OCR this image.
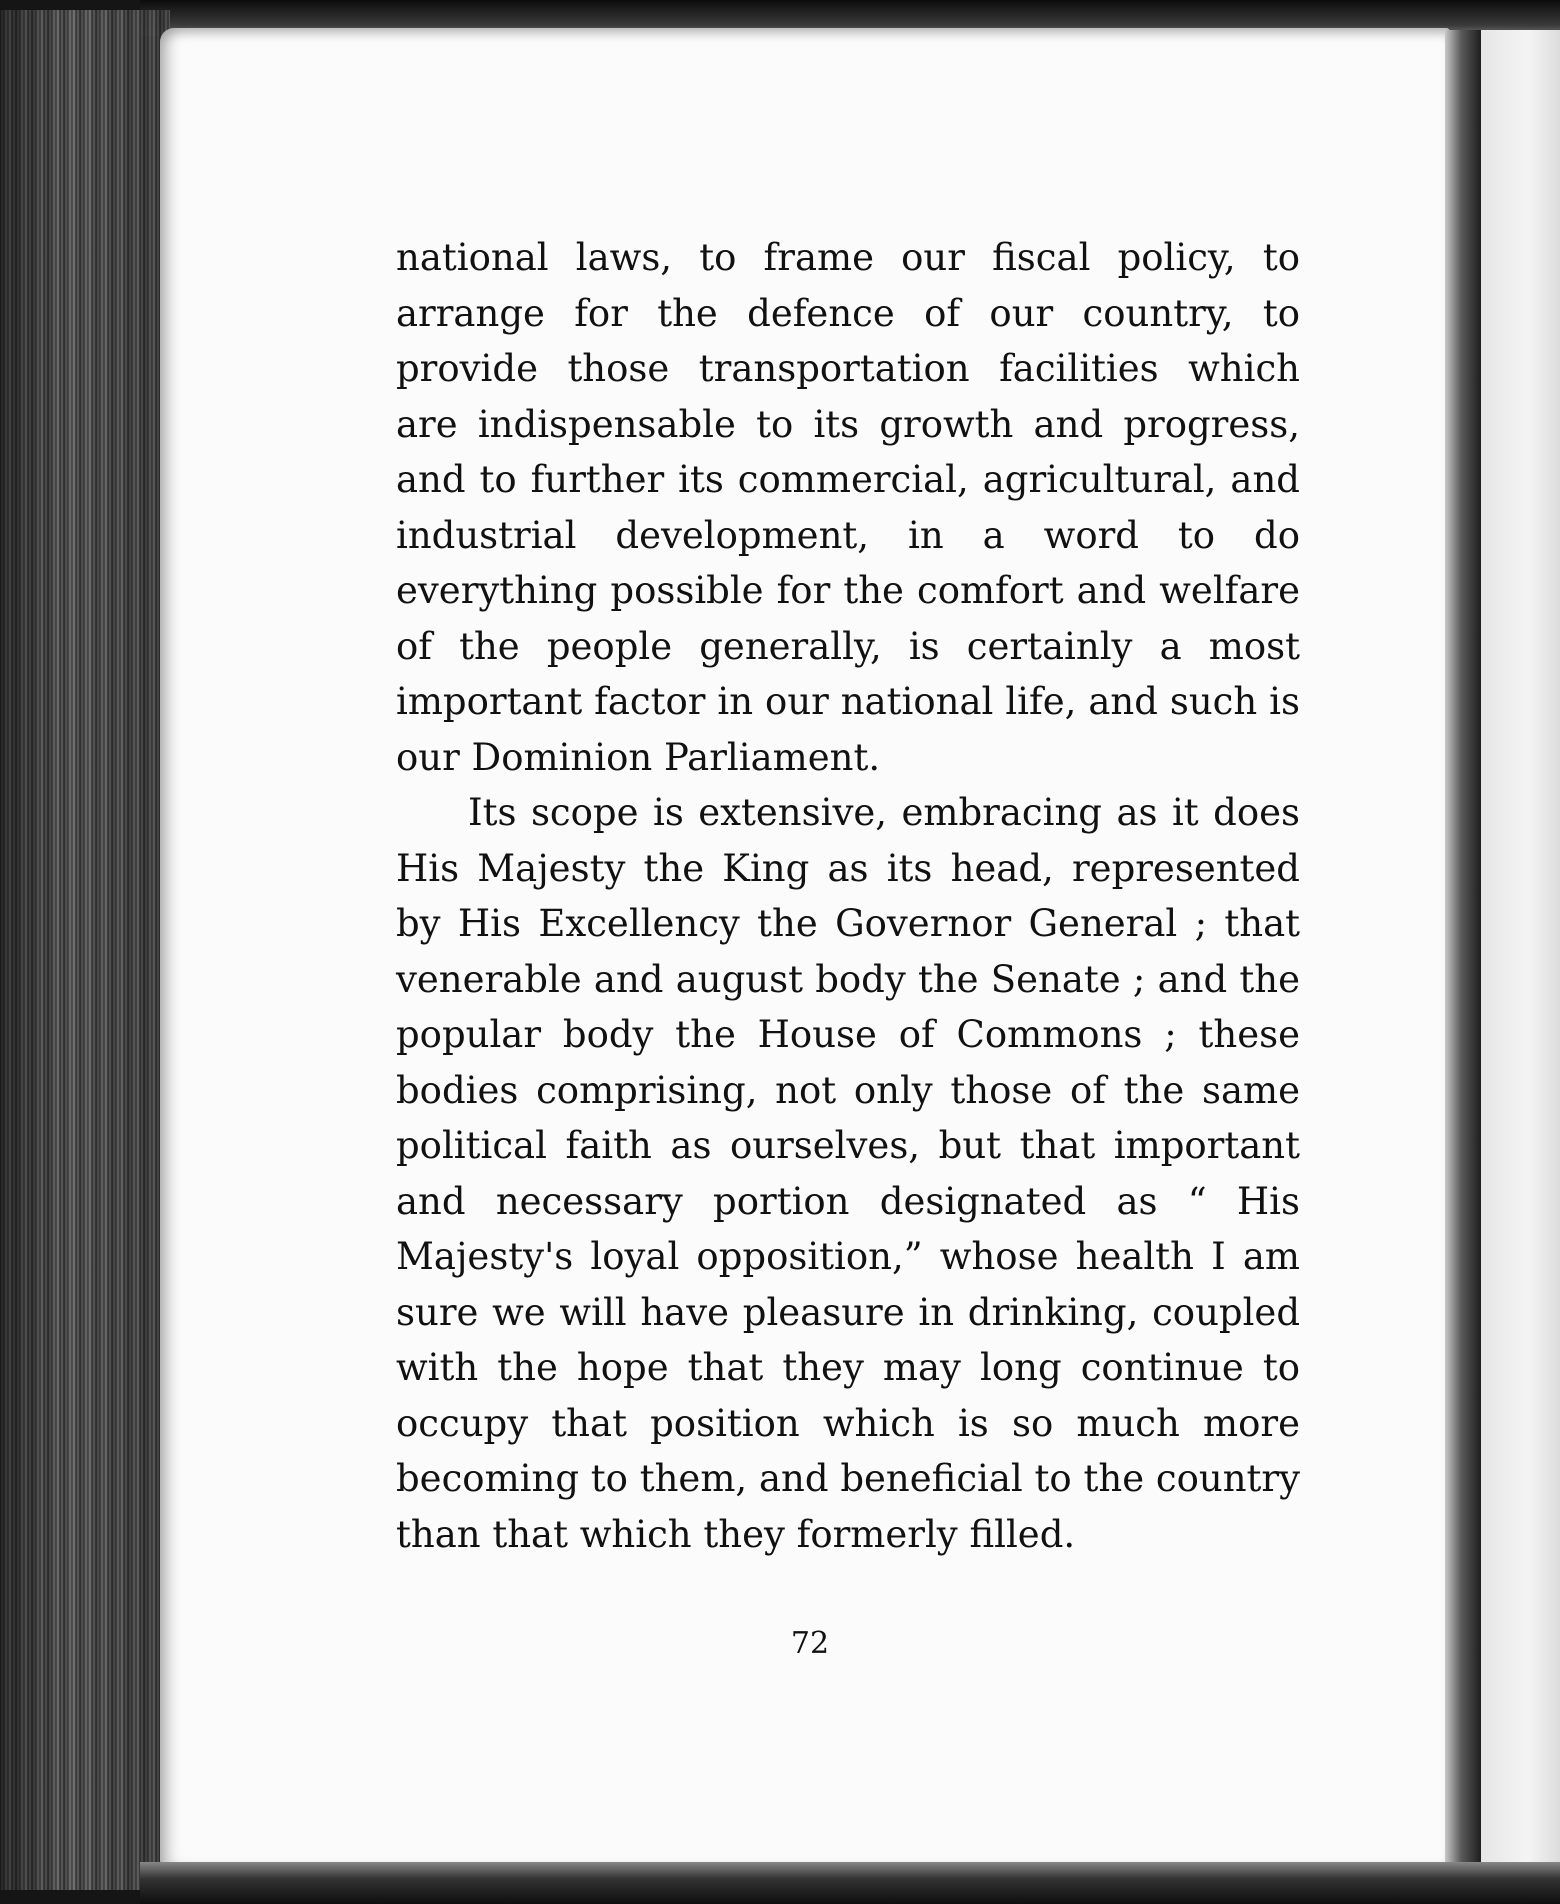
national laws, to frame our fiscal policy, to arrange for the defence of our country, to provide those transportation facilities which are indispensable to its growth and progress, and to further its commercial, agricultural, and industrial development, in a word to do everything possible for the comfort and welfare of the people generally, is certainly a most important factor in our national life, and such is our Dominion Parliament.

Its scope is extensive, embracing as it does His Majesty the King as its head, represented by His Excellency the Governor General ; that venerable and august body the Senate ; and the popular body the House of Commons ; these bodies comprising, not only those of the same political faith as ourselves, but that important and necessary portion designated as “ His Majesty's loyal opposition,” whose health I am sure we will have pleasure in drinking, coupled with the hope that they may long continue to occupy that position which is so much more becoming to them, and beneficial to the country than that which they formerly filled.

72
